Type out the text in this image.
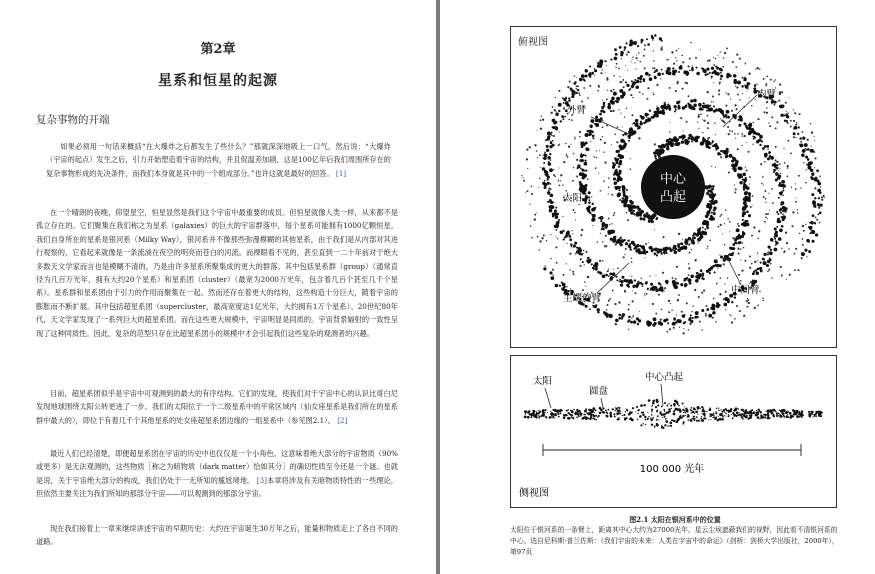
第2章
星系和恒星的起源
复杂事物的开端

如果必须用一句话来概括“在大爆炸之后都发生了些什么？”那就深深地吸上一口气，然后说：“大爆炸（宇宙的起点）发生之后，引力开始塑造着宇宙的结构，并且促温差加剧，这是100亿年后我们周围所存在的复杂事物形成的先决条件，而我们本身就是其中的一个组成部分。”也许这就是最好的回答。 [1]

在一个晴朗的夜晚，仰望星空，恒星显然是我们这个宇宙中最重要的成员。但恒星就像人类一样，从来都不是孤立存在的。它们聚集在我们称之为星系（galaxies）的巨大的宇宙群落中，每个星系可能拥有1000亿颗恒星。我们自身所在的星系是银河系（Milky Way），银河系并不像那些弥漫模糊的其他星系，由于我们是从内部对其进行观察的，它看起来就像是一条流淌在夜空的明亮而苍白的河流。而裸眼看不见的，甚至直到一二十年前对于绝大多数天文学家而言也是模糊不清的，乃是由许多星系所聚集成的更大的群落。其中包括星系群（group）（通常直径为几百万光年，拥有大约20个星系）和星系团（cluster）（最宽为2000万光年，包含着几百个甚至几千个星系）。星系群和星系团由于引力的作用而聚集在一起。然而还存在着更大的结构，这些构造十分巨大，随着宇宙的膨胀而不断扩展。其中包括超星系团（supercluster，最高宽度达1亿光年，大约拥有1万个星系）。20世纪80年代，天文学家发现了一系列巨大的超星系团。而在这些更大规模中，宇宙明显是同质的。宇宙背景辐射的一致性呈现了这种同质性。因此，复杂的范型只存在比超星系团小的规模中才会引起我们这些复杂的观测者的兴趣。

目前，超星系团似乎是宇宙中可观测到的最大的有序结构。它们的发现，使我们对于宇宙中心的认识比哥白尼发现地球围绕太阳公转更进了一步。我们的太阳位于一个二级星系中的平常区域内（仙女座星系是我们所在的星系群中最大的），即位于有着几千个其他星系的处女座超星系团边缘的一组星系中（参见图2.1）。 [2]

最近人们已经清楚，即便超星系团在宇宙的历史中也仅仅是一个小角色。这意味着绝大部分的宇宙物质（90%或更多）是无法观测的，这些物质［称之为暗物质（dark matter）恰如其分］的确切性质至今还是一个谜。也就是说，关于宇宙绝大部分的构成，我们仍处于一无所知的尴尬境地。 [3]本章将涉及有关暗物质特性的一些理论，但依然主要关注为我们所知的那部分宇宙——可以观测到的那部分宇宙。

现在我们接着上一章来继续讲述宇宙的早期历史：大约在宇宙诞生30万年之后，能量和物质走上了各自不同的道路。

俯视图
中心
凸起
太阳
外臂
内臂
主螺旋臂
中间臂
太阳
圆盘
中心凸起
100 000 光年
侧视图
图2.1 太阳在银河系中的位置
太阳位于银河系的一条臂上，距离其中心大约为27000光年。星云尘埃遮蔽我们的视野，因此看不清银河系的中心。选自尼科斯·普兰佐斯：《我们宇宙的未来：人类在宇宙中的命运》（剑桥：剑桥大学出版社，2000年），第97页
